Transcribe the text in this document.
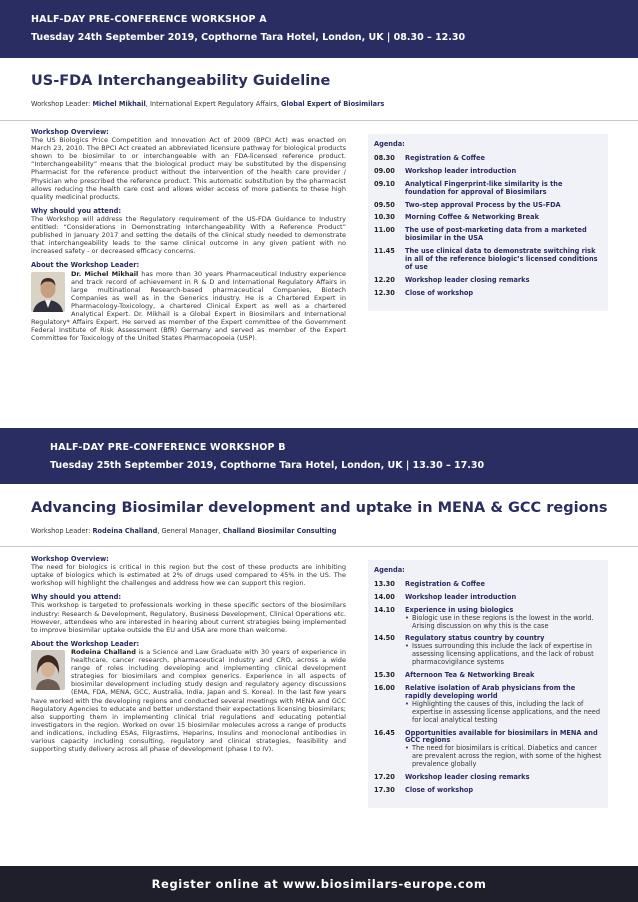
HALF-DAY PRE-CONFERENCE WORKSHOP A
Tuesday 24th September 2019, Copthorne Tara Hotel, London, UK | 08.30 – 12.30
US-FDA Interchangeability Guideline
Workshop Leader: Michel Mikhail, International Expert Regulatory Affairs, Global Expert of Biosimilars
Workshop Overview:

The US Biologics Price Competition and Innovation Act of 2009 (BPCI Act) was enacted on March 23, 2010. The BPCI Act created an abbreviated licensure pathway for biological products shown to be biosimilar to or interchangeable with an FDA-licensed reference product. “Interchangeability” means that the biological product may be substituted by the dispensing Pharmacist for the reference product without the intervention of the health care provider / Physician who prescribed the reference product. This automatic substitution by the pharmacist allows reducing the health care cost and allows wider access of more patients to these high quality medicinal products.

Why should you attend:

The Workshop will address the Regulatory requirement of the US-FDA Guidance to Industry entitled: “Considerations in Demonstrating Interchangeability With a Reference Product” published in January 2017 and setting the details of the clinical study needed to demonstrate that interchangeability leads to the same clinical outcome in any given patient with no increased safety - or decreased efficacy concerns.

About the Workshop Leader:

Dr. Michel Mikhail has more than 30 years Pharmaceutical Industry experience and track record of achievement in R & D and International Regulatory Affairs in large multinational Research-based pharmaceutical Companies, Biotech Companies as well as in the Generics industry. He is a Chartered Expert in Pharmacology-Toxicology, a chartered Clinical Expert as well as a chartered Analytical Expert. Dr. Mikhail is a Global Expert in Biosimilars and International Regulatory* Affairs Expert. He served as member of the Expert committee of the Government Federal Institute of Risk Assessment (BfR) Germany and served as member of the Expert Committee for Toxicology of the United States Pharmacopoeia (USP).

Agenda:
08.30	Registration & Coffee
09.00	Workshop leader introduction
09.10	Analytical Fingerprint-like similarity is the foundation for approval of Biosimilars
09.50	Two-step approval Process by the US-FDA
10.30	Morning Coffee & Networking Break
11.00	The use of post-marketing data from a marketed biosimilar in the USA
11.45	The use clinical data to demonstrate switching risk in all of the reference biologic’s licensed conditions of use
12.20	Workshop leader closing remarks
12.30	Close of workshop
HALF-DAY PRE-CONFERENCE WORKSHOP B
Tuesday 25th September 2019, Copthorne Tara Hotel, London, UK | 13.30 – 17.30
Advancing Biosimilar development and uptake in MENA & GCC regions
Workshop Leader: Rodeina Challand, General Manager, Challand Biosimilar Consulting
Workshop Overview:

The need for biologics is critical in this region but the cost of these products are inhibiting uptake of biologics which is estimated at 2% of drugs used compared to 45% in the US. The workshop will highlight the challenges and address how we can support this region.

Why should you attend:

This workshop is targeted to professionals working in these specific sectors of the biosimilars industry: Research & Development, Regulatory, Business Development, Clinical Operations etc. However, attendees who are interested in hearing about current strategies being implemented to improve biosimilar uptake outside the EU and USA are more than welcome.

About the Workshop Leader:

Rodeina Challand is a Science and Law Graduate with 30 years of experience in healthcare, cancer research, pharmaceutical industry and CRO, across a wide range of roles including developing and implementing clinical development strategies for biosimilars and complex generics. Experience in all aspects of biosimilar development including study design and regulatory agency discussions (EMA, FDA, MENA, GCC, Australia, India, Japan and S. Korea). In the last few years have worked with the developing regions and conducted several meetings with MENA and GCC Regulatory Agencies to educate and better understand their expectations licensing biosimilars; also supporting them in implementing clinical trial regulations and educating potential investigators in the region. Worked on over 15 biosimilar molecules across a range of products and indications, including ESAs, Filgrastims, Heparins, Insulins and monoclonal antibodies in various capacity including consulting, regulatory and clinical strategies, feasibility and supporting study delivery across all phase of development (phase I to IV).

Agenda:
13.30	Registration & Coffee
14.00	Workshop leader introduction
14.10	Experience in using biologics
• Biologic use in these regions is the lowest in the world. Arising discussion on why this is the case
14.50	Regulatory status country by country
• Issues surrounding this include the lack of expertise in assessing licensing applications, and the lack of robust pharmacovigilance systems
15.30	Afternoon Tea & Networking Break
16.00	Relative isolation of Arab physicians from the rapidly developing world
• Highlighting the causes of this, including the lack of expertise in assessing license applications, and the need for local analytical testing
16.45	Opportunities available for biosimilars in MENA and GCC regions
• The need for biosimilars is critical. Diabetics and cancer are prevalent across the region, with some of the highest prevalence globally
17.20	Workshop leader closing remarks
17.30	Close of workshop
Register online at www.biosimilars-europe.com
